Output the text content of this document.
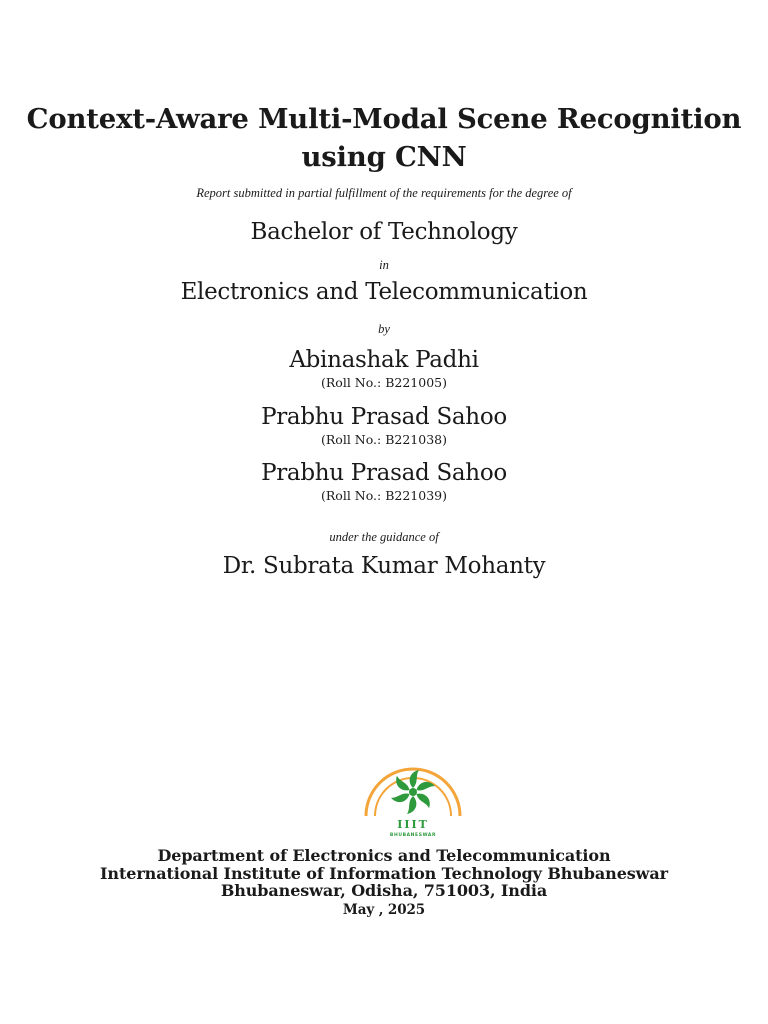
Context-Aware Multi-Modal Scene Recognition
using CNN
Report submitted in partial fulfillment of the requirements for the degree of
Bachelor of Technology
in
Electronics and Telecommunication
by
Abinashak Padhi
(Roll No.: B221005)
Prabhu Prasad Sahoo
(Roll No.: B221038)
Prabhu Prasad Sahoo
(Roll No.: B221039)
under the guidance of
Dr. Subrata Kumar Mohanty
IIIT
BHUBANESWAR
Department of Electronics and Telecommunication
International Institute of Information Technology Bhubaneswar
Bhubaneswar, Odisha, 751003, India
May , 2025
